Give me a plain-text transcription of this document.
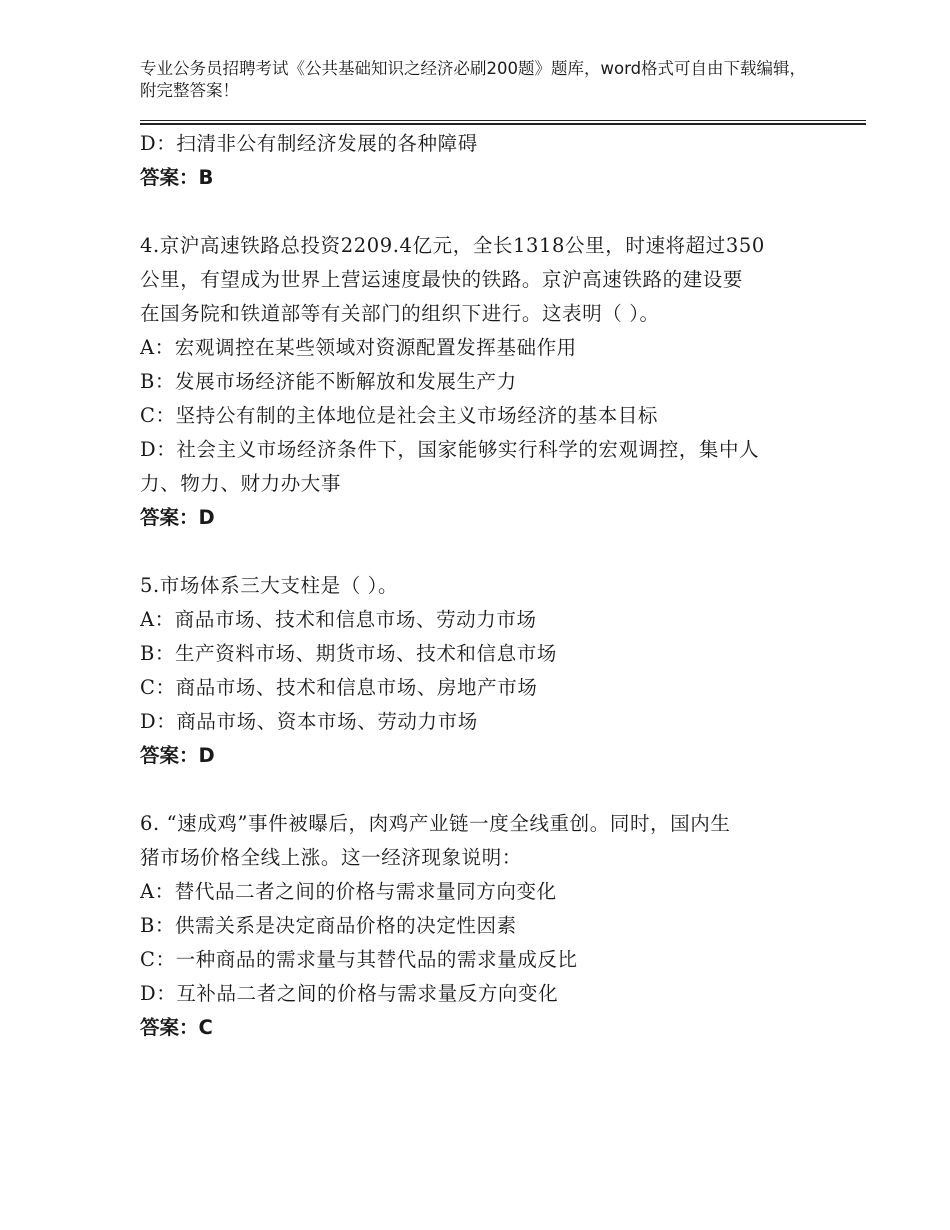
专业公务员招聘考试《公共基础知识之经济必刷200题》题库，word格式可自由下载编辑，附完整答案！
D：扫清非公有制经济发展的各种障碍
答案：B
4.京沪高速铁路总投资2209.4亿元，全长1318公里，时速将超过350
公里，有望成为世界上营运速度最快的铁路。京沪高速铁路的建设要
在国务院和铁道部等有关部门的组织下进行。这表明（ ）。
A：宏观调控在某些领域对资源配置发挥基础作用
B：发展市场经济能不断解放和发展生产力
C：坚持公有制的主体地位是社会主义市场经济的基本目标
D：社会主义市场经济条件下，国家能够实行科学的宏观调控，集中人
力、物力、财力办大事
答案：D
5.市场体系三大支柱是（ ）。
A：商品市场、技术和信息市场、劳动力市场
B：生产资料市场、期货市场、技术和信息市场
C：商品市场、技术和信息市场、房地产市场
D：商品市场、资本市场、劳动力市场
答案：D
6. “速成鸡”事件被曝后，肉鸡产业链一度全线重创。同时，国内生
猪市场价格全线上涨。这一经济现象说明：
A：替代品二者之间的价格与需求量同方向变化
B：供需关系是决定商品价格的决定性因素
C：一种商品的需求量与其替代品的需求量成反比
D：互补品二者之间的价格与需求量反方向变化
答案：C
